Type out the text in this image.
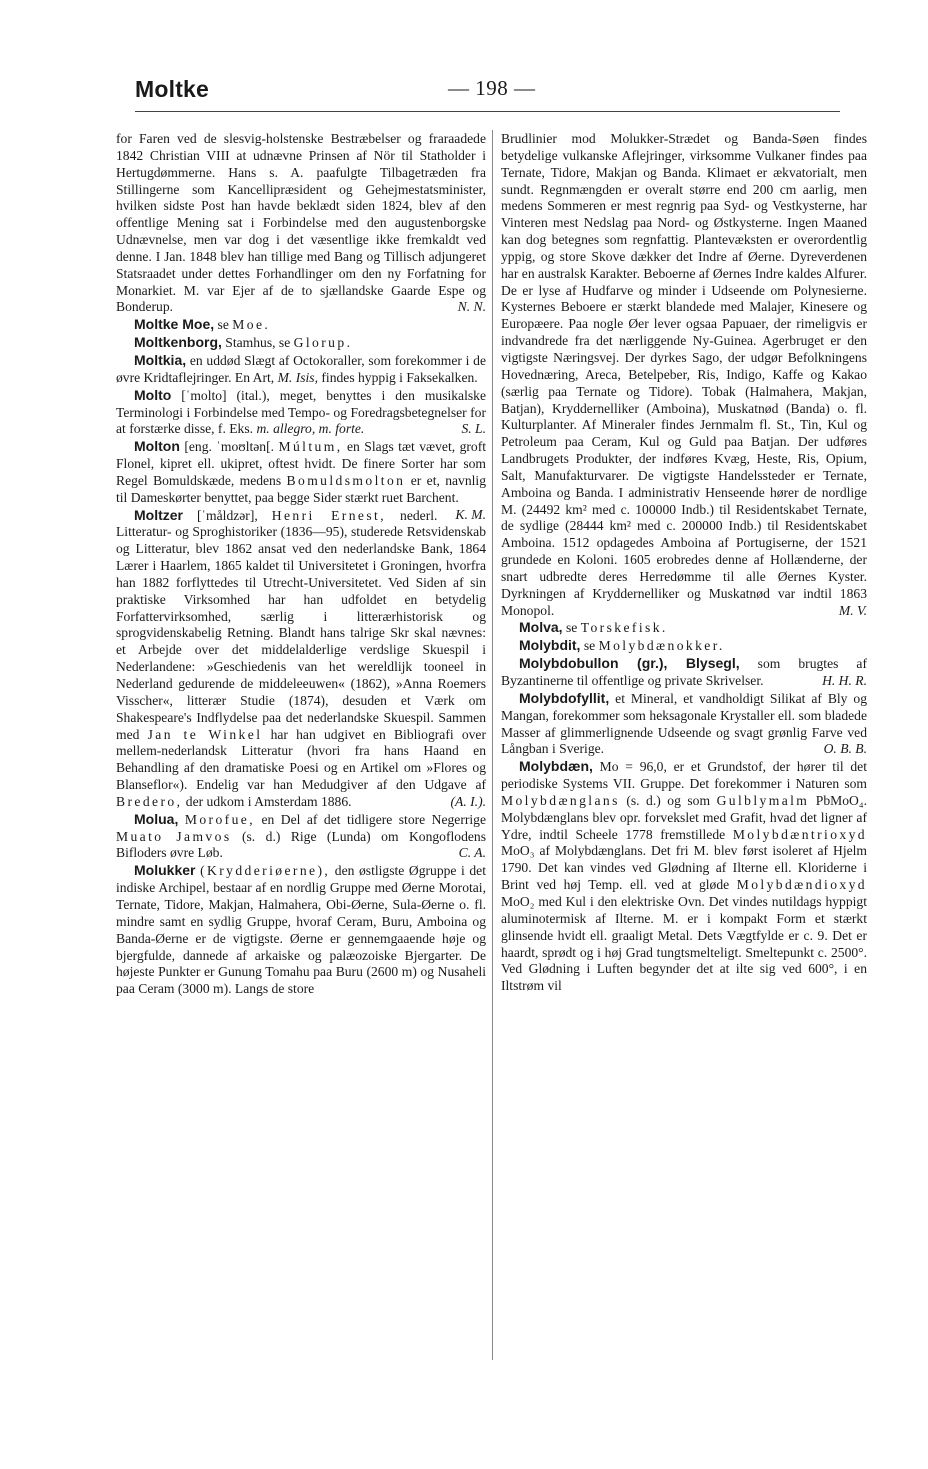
Moltke	— 198 —

for Faren ved de slesvig-holstenske Bestræbelser og fraraadede 1842 Christian VIII at udnævne Prinsen af Nör til Statholder i Hertugdømmerne. Hans s. A. paafulgte Tilbagetræden fra Stillingerne som Kancellipræsident og Gehejmestatsminister, hvilken sidste Post han havde beklædt siden 1824, blev af den offentlige Mening sat i Forbindelse med den augustenborgske Udnævnelse, men var dog i det væsentlige ikke fremkaldt ved denne. I Jan. 1848 blev han tillige med Bang og Tillisch adjungeret Statsraadet under dettes Forhandlinger om den ny Forfatning for Monarkiet. M. var Ejer af de to sjællandske Gaarde Espe og Bonderup.	N. N.

Moltke Moe, se Moe.

Moltkenborg, Stamhus, se Glorup.

Moltkia, en uddød Slægt af Octokoraller, som forekommer i de øvre Kridtaflejringer. En Art, M. Isis, findes hyppig i Faksekalken.

Molto [ˈmolto] (ital.), meget, benyttes i den musikalske Terminologi i Forbindelse med Tempo- og Foredragsbetegnelser for at forstærke disse, f. Eks. m. allegro, m. forte.	S. L.

Molton [eng. ˈmoʊltən[. Múltum, en Slags tæt vævet, groft Flonel, kipret ell. ukipret, oftest hvidt. De finere Sorter har som Regel Bomuldskæde, medens Bomuldsmolton er et, navnlig til Dameskørter benyttet, paa begge Sider stærkt ruet Barchent.
K. M.

Moltzer [ˈmåldzər], Henri Ernest, nederl. Litteratur- og Sproghistoriker (1836—95), studerede Retsvidenskab og Litteratur, blev 1862 ansat ved den nederlandske Bank, 1864 Lærer i Haarlem, 1865 kaldet til Universitetet i Groningen, hvorfra han 1882 forflyttedes til Utrecht-Universitetet. Ved Siden af sin praktiske Virksomhed har han udfoldet en betydelig Forfattervirksomhed, særlig i litterærhistorisk og sprogvidenskabelig Retning. Blandt hans talrige Skr skal nævnes: et Arbejde over det middelalderlige verdslige Skuespil i Nederlandene: »Geschiedenis van het wereldlijk tooneel in Nederland gedurende de middeleeuwen« (1862), »Anna Roemers Visscher«, litterær Studie (1874), desuden et Værk om Shakespeare's Indflydelse paa det nederlandske Skuespil. Sammen med Jan te Winkel har han udgivet en Bibliografi over mellem-nederlandsk Litteratur (hvori fra hans Haand en Behandling af den dramatiske Poesi og en Artikel om »Flores og Blanseflor«). Endelig var han Medudgiver af den Udgave af Bredero, der udkom i Amsterdam 1886.	(A. I.).

Molua, Morofue, en Del af det tidligere store Negerrige Muato Jamvos (s. d.) Rige (Lunda) om Kongoflodens Bifloders øvre Løb.	C. A.

Molukker (Krydderiøerne), den østligste Øgruppe i det indiske Archipel, bestaar af en nordlig Gruppe med Øerne Morotai, Ternate, Tidore, Makjan, Halmahera, Obi-Øerne, Sula-Øerne o. fl. mindre samt en sydlig Gruppe, hvoraf Ceram, Buru, Amboina og Banda-Øerne er de vigtigste. Øerne er gennemgaaende høje og bjergfulde, dannede af arkaiske og palæozoiske Bjergarter. De højeste Punkter er Gunung Tomahu paa Buru (2600 m) og Nusaheli paa Ceram (3000 m). Langs de store

Brudlinier mod Molukker-Strædet og Banda-Søen findes betydelige vulkanske Aflejringer, virksomme Vulkaner findes paa Ternate, Tidore, Makjan og Banda. Klimaet er ækvatorialt, men sundt. Regnmængden er overalt større end 200 cm aarlig, men medens Sommeren er mest regnrig paa Syd- og Vestkysterne, har Vinteren mest Nedslag paa Nord- og Østkysterne. Ingen Maaned kan dog betegnes som regnfattig. Plantevæksten er overordentlig yppig, og store Skove dækker det Indre af Øerne. Dyreverdenen har en australsk Karakter. Beboerne af Øernes Indre kaldes Alfurer. De er lyse af Hudfarve og minder i Udseende om Polynesierne. Kysternes Beboere er stærkt blandede med Malajer, Kinesere og Europæere. Paa nogle Øer lever ogsaa Papuaer, der rimeligvis er indvandrede fra det nærliggende Ny-Guinea. Agerbruget er den vigtigste Næringsvej. Der dyrkes Sago, der udgør Befolkningens Hovednæring, Areca, Betelpeber, Ris, Indigo, Kaffe og Kakao (særlig paa Ternate og Tidore). Tobak (Halmahera, Makjan, Batjan), Kryddernelliker (Amboina), Muskatnød (Banda) o. fl. Kulturplanter. Af Mineraler findes Jernmalm fl. St., Tin, Kul og Petroleum paa Ceram, Kul og Guld paa Batjan. Der udføres Landbrugets Produkter, der indføres Kvæg, Heste, Ris, Opium, Salt, Manufakturvarer. De vigtigste Handelssteder er Ternate, Amboina og Banda. I administrativ Henseende hører de nordlige M. (24492 km² med c. 100000 Indb.) til Residentskabet Ternate, de sydlige (28444 km² med c. 200000 Indb.) til Residentskabet Amboina. 1512 opdagedes Amboina af Portugiserne, der 1521 grundede en Koloni. 1605 erobredes denne af Hollænderne, der snart udbredte deres Herredømme til alle Øernes Kyster. Dyrkningen af Kryddernelliker og Muskatnød var indtil 1863 Monopol.	M. V.

Molva, se Torskefisk.

Molybdit, se Molybdænokker.

Molybdobullon (gr.), Blysegl, som brugtes af Byzantinerne til offentlige og private Skrivelser.	H. H. R.

Molybdofyllit, et Mineral, et vandholdigt Silikat af Bly og Mangan, forekommer som heksagonale Krystaller ell. som bladede Masser af glimmerlignende Udseende og svagt grønlig Farve ved Långban i Sverige.	O. B. B.

Molybdæn, Mo = 96,0, er et Grundstof, der hører til det periodiske Systems VII. Gruppe. Det forekommer i Naturen som Molybdænglans (s. d.) og som Gulblymalm PbMoO₄. Molybdænglans blev opr. forvekslet med Grafit, hvad det ligner af Ydre, indtil Scheele 1778 fremstillede Molybdæntrioxyd MoO₃ af Molybdænglans. Det fri M. blev først isoleret af Hjelm 1790. Det kan vindes ved Glødning af Ilterne ell. Kloriderne i Brint ved høj Temp. ell. ved at gløde Molybdændioxyd MoO₂ med Kul i den elektriske Ovn. Det vindes nutildags hyppigt aluminotermisk af Ilterne. M. er i kompakt Form et stærkt glinsende hvidt ell. graaligt Metal. Dets Vægtfylde er c. 9. Det er haardt, sprødt og i høj Grad tungtsmelteligt. Smeltepunkt c. 2500°. Ved Glødning i Luften begynder det at ilte sig ved 600°, i en Iltstrøm vil
